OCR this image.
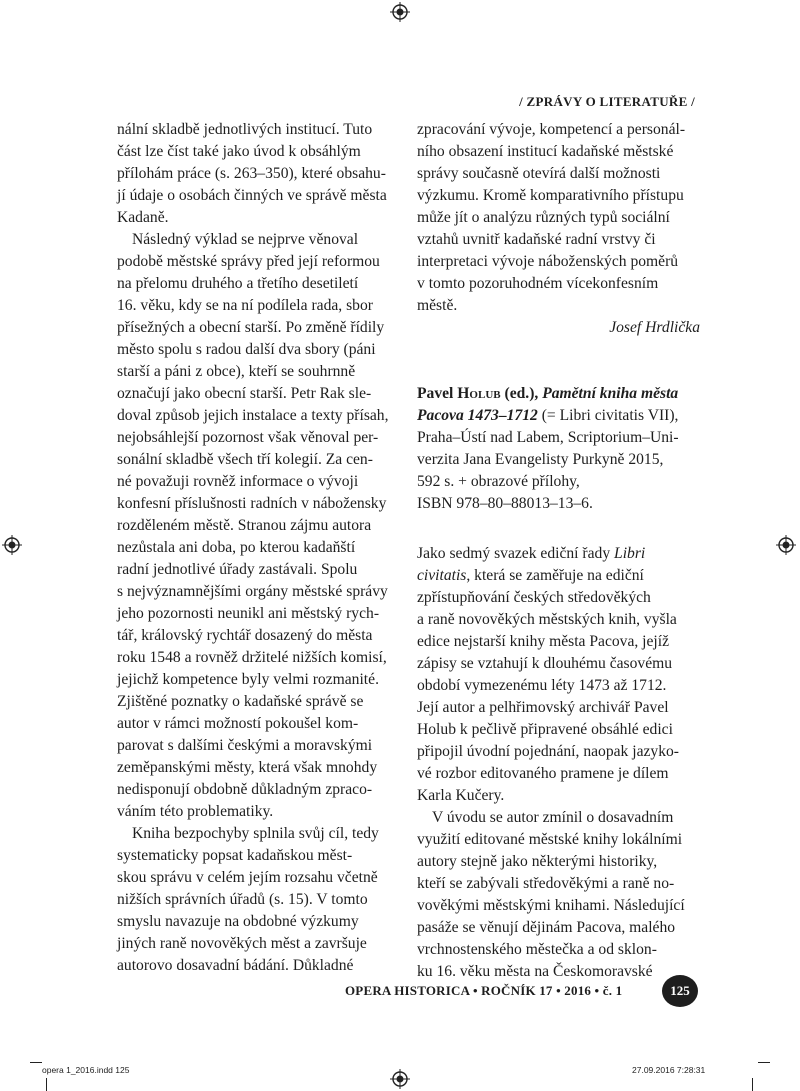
/ ZPRÁVY O LITERATUŘE /
nální skladbě jednotlivých institucí. Tuto
část lze číst také jako úvod k obsáhlým
přílohám práce (s. 263–350), které obsahu-
jí údaje o osobách činných ve správě města
Kadaně.
Následný výklad se nejprve věnoval
podobě městské správy před její reformou
na přelomu druhého a třetího desetiletí
16. věku, kdy se na ní podílela rada, sbor
přísežných a obecní starší. Po změně řídily
město spolu s radou další dva sbory (páni
starší a páni z obce), kteří se souhrnně
označují jako obecní starší. Petr Rak sle-
doval způsob jejich instalace a texty přísah,
nejobsáhlejší pozornost však věnoval per-
sonální skladbě všech tří kolegií. Za cen-
né považuji rovněž informace o vývoji
konfesní příslušnosti radních v nábožensky
rozděleném městě. Stranou zájmu autora
nezůstala ani doba, po kterou kadaňští
radní jednotlivé úřady zastávali. Spolu
s nejvýznamnějšími orgány městské správy
jeho pozornosti neunikl ani městský rych-
tář, královský rychtář dosazený do města
roku 1548 a rovněž držitelé nižších komisí,
jejichž kompetence byly velmi rozmanité.
Zjištěné poznatky o kadaňské správě se
autor v rámci možností pokoušel kom-
parovat s dalšími českými a moravskými
zeměpanskými městy, která však mnohdy
nedisponují obdobně důkladným zpraco-
váním této problematiky.
Kniha bezpochyby splnila svůj cíl, tedy
systematicky popsat kadaňskou měst-
skou správu v celém jejím rozsahu včetně
nižších správních úřadů (s. 15). V tomto
smyslu navazuje na obdobné výzkumy
jiných raně novověkých měst a završuje
autorovo dosavadní bádání. Důkladné
zpracování vývoje, kompetencí a personál-
ního obsazení institucí kadaňské městské
správy současně otevírá další možnosti
výzkumu. Kromě komparativního přístupu
může jít o analýzu různých typů sociální
vztahů uvnitř kadaňské radní vrstvy či
interpretaci vývoje náboženských poměrů
v tomto pozoruhodném vícekonfesním
městě.
Josef Hrdlička
Pavel Holub (ed.), Pamětní kniha města
Pacova 1473–1712 (= Libri civitatis VII),
Praha–Ústí nad Labem, Scriptorium–Uni-
verzita Jana Evangelisty Purkyně 2015,
592 s. + obrazové přílohy,
ISBN 978–80–88013–13–6.
Jako sedmý svazek ediční řady Libri
civitatis, která se zaměřuje na ediční
zpřístupňování českých středověkých
a raně novověkých městských knih, vyšla
edice nejstarší knihy města Pacova, jejíž
zápisy se vztahují k dlouhému časovému
období vymezenému léty 1473 až 1712.
Její autor a pelhřimovský archivář Pavel
Holub k pečlivě připravené obsáhlé edici
připojil úvodní pojednání, naopak jazyko-
vé rozbor editovaného pramene je dílem
Karla Kučery.
V úvodu se autor zmínil o dosavadním
využití editované městské knihy lokálními
autory stejně jako některými historiky,
kteří se zabývali středověkými a raně no-
vověkými městskými knihami. Následující
pasáže se věnují dějinám Pacova, malého
vrchnostenského městečka a od sklon-
ku 16. věku města na Českomoravské
OPERA HISTORICA • ROČNÍK 17 • 2016 • č. 1	125
opera 1_2016.indd 125	27.09.2016 7:28:31
